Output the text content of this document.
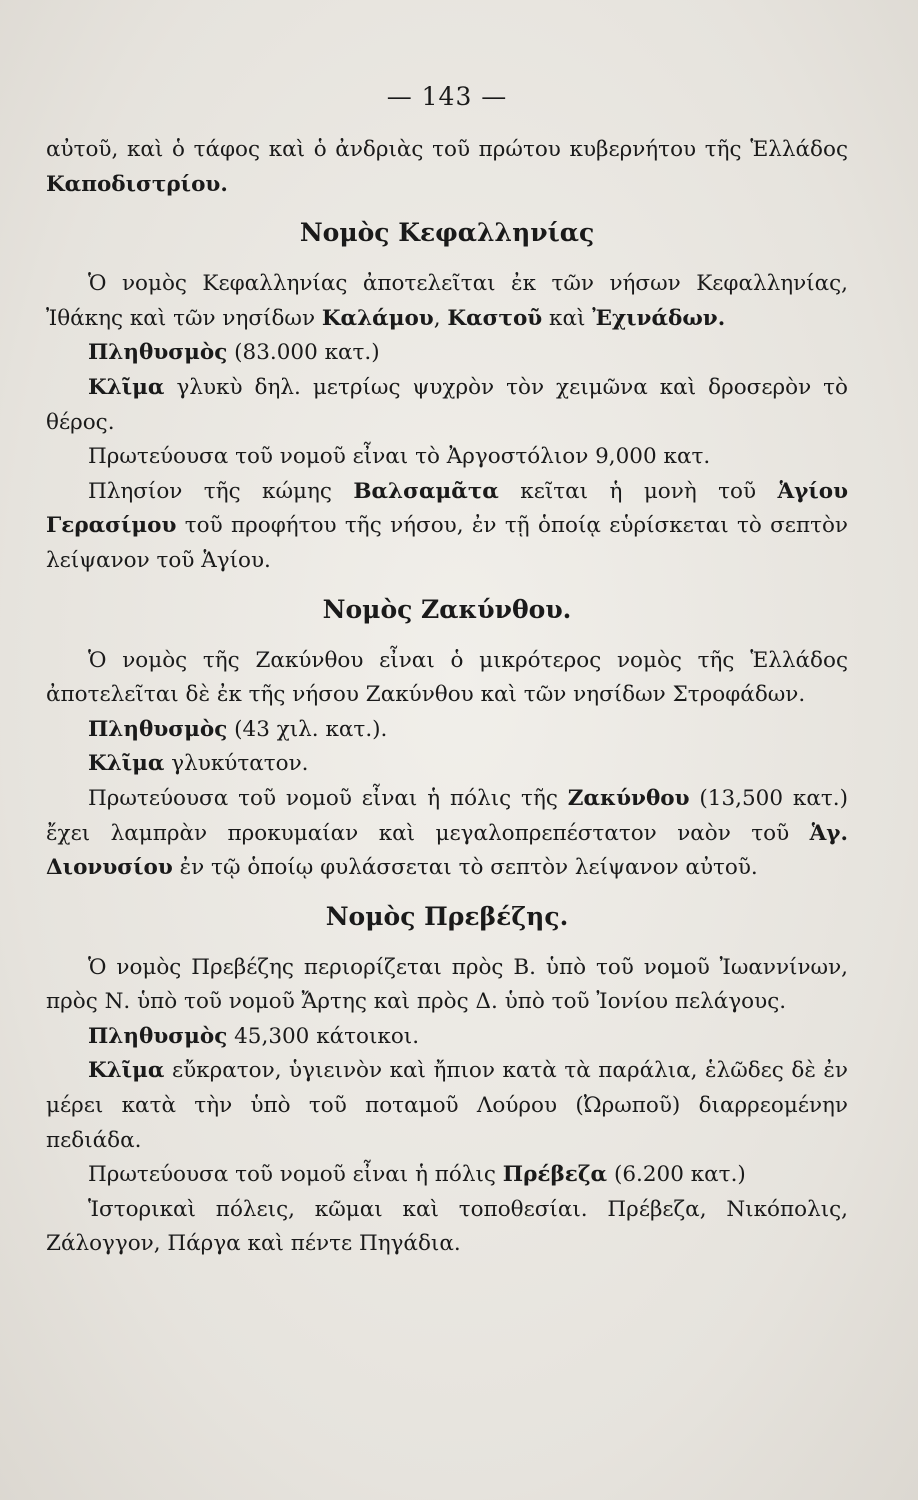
— 143 —

αὐτοῦ, καὶ ὁ τάφος καὶ ὁ ἀνδριὰς τοῦ πρώτου κυβερνήτου τῆς Ἑλλάδος Καποδιστρίου.

Νομὸς Κεφαλληνίας

Ὁ νομὸς Κεφαλληνίας ἀποτελεῖται ἐκ τῶν νήσων Κεφαλληνίας, Ἰθάκης καὶ τῶν νησίδων Καλάμου, Καστοῦ καὶ Ἐχινάδων.

Πληθυσμὸς (83.000 κατ.)

Κλῖμα γλυκὺ δηλ. μετρίως ψυχρὸν τὸν χειμῶνα καὶ δροσερὸν τὸ θέρος.

Πρωτεύουσα τοῦ νομοῦ εἶναι τὸ Ἀργοστόλιον 9,000 κατ.

Πλησίον τῆς κώμης Βαλσαμᾶτα κεῖται ἡ μονὴ τοῦ Ἁγίου Γερασίμου τοῦ προφήτου τῆς νήσου, ἐν τῇ ὁποίᾳ εὑρίσκεται τὸ σεπτὸν λείψανον τοῦ Ἁγίου.

Νομὸς Ζακύνθου.

Ὁ νομὸς τῆς Ζακύνθου εἶναι ὁ μικρότερος νομὸς τῆς Ἑλλάδος ἀποτελεῖται δὲ ἐκ τῆς νήσου Ζακύνθου καὶ τῶν νησίδων Στροφάδων.

Πληθυσμὸς (43 χιλ. κατ.).

Κλῖμα γλυκύτατον.

Πρωτεύουσα τοῦ νομοῦ εἶναι ἡ πόλις τῆς Ζακύνθου (13,500 κατ.) ἔχει λαμπρὰν προκυμαίαν καὶ μεγαλοπρεπέστατον ναὸν τοῦ Ἁγ. Διονυσίου ἐν τῷ ὁποίῳ φυλάσσεται τὸ σεπτὸν λείψανον αὐτοῦ.

Νομὸς Πρεβέζης.

Ὁ νομὸς Πρεβέζης περιορίζεται πρὸς Β. ὑπὸ τοῦ νομοῦ Ἰωαννίνων, πρὸς Ν. ὑπὸ τοῦ νομοῦ Ἄρτης καὶ πρὸς Δ. ὑπὸ τοῦ Ἰονίου πελάγους.

Πληθυσμὸς 45,300 κάτοικοι.

Κλῖμα εὔκρατον, ὑγιεινὸν καὶ ἤπιον κατὰ τὰ παράλια, ἑλῶδες δὲ ἐν μέρει κατὰ τὴν ὑπὸ τοῦ ποταμοῦ Λούρου (Ὠρωποῦ) διαρρεομένην πεδιάδα.

Πρωτεύουσα τοῦ νομοῦ εἶναι ἡ πόλις Πρέβεζα (6.200 κατ.)

Ἱστορικαὶ πόλεις, κῶμαι καὶ τοποθεσίαι. Πρέβεζα, Νικόπολις, Ζάλογγον, Πάργα καὶ πέντε Πηγάδια.
